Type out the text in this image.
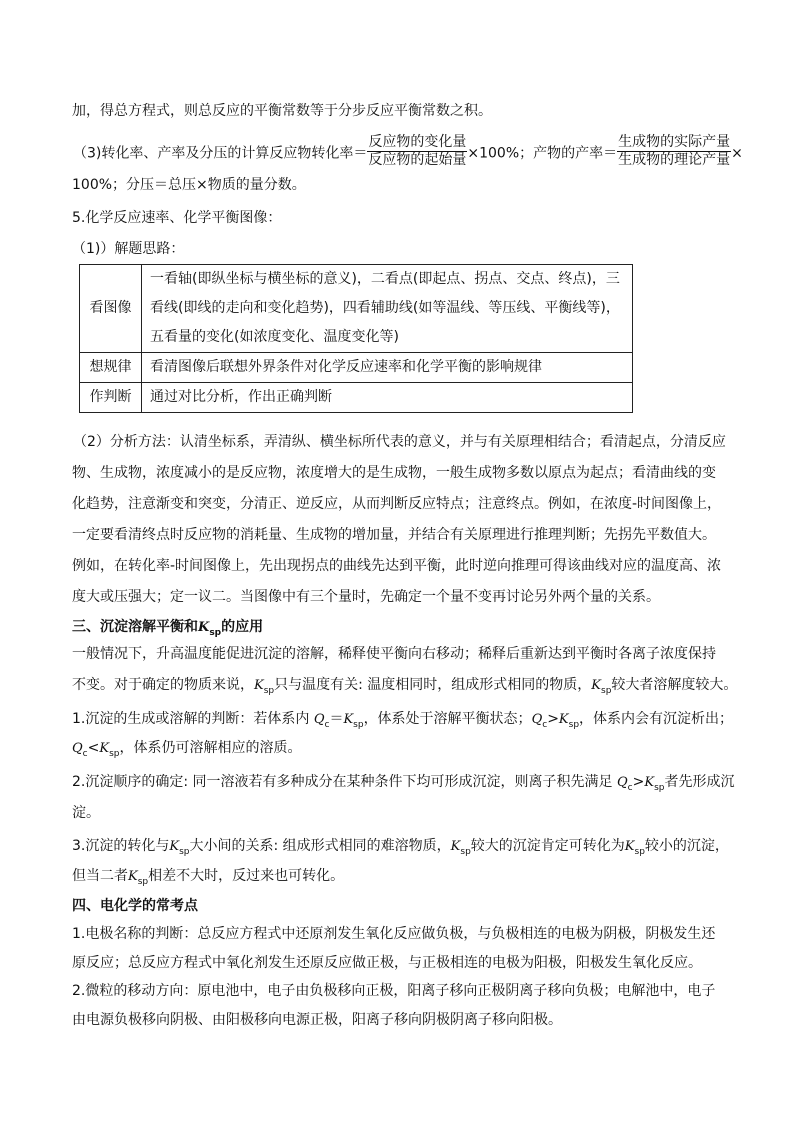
加，得总方程式，则总反应的平衡常数等于分步反应平衡常数之积。
（3)转化率、产率及分压的计算反应物转化率＝ $\frac{\text{反应物的变化量}}{\text{反应物的起始量}} \times 100\%$；产物的产率＝ $\frac{\text{生成物的实际产量}}{\text{生成物的理论产量}}$ ×
100%；分压＝总压×物质的量分数。
5.化学反应速率、化学平衡图像：
（1)）解题思路：
看图像	一看轴(即纵坐标与横坐标的意义)，二看点(即起点、拐点、交点、终点)，三
看线(即线的走向和变化趋势)，四看辅助线(如等温线、等压线、平衡线等)，
五看量的变化(如浓度变化、温度变化等)

想规律	看清图像后联想外界条件对化学反应速率和化学平衡的影响规律
作判断	通过对比分析，作出正确判断
（2）分析方法：认清坐标系，弄清纵、横坐标所代表的意义，并与有关原理相结合；看清起点，分清反应
物、生成物，浓度减小的是反应物，浓度增大的是生成物，一般生成物多数以原点为起点；看清曲线的变
化趋势，注意渐变和突变，分清正、逆反应，从而判断反应特点；注意终点。例如，在浓度-时间图像上，
一定要看清终点时反应物的消耗量、生成物的增加量，并结合有关原理进行推理判断；先拐先平数值大。
例如，在转化率-时间图像上，先出现拐点的曲线先达到平衡，此时逆向推理可得该曲线对应的温度高、浓
度大或压强大；定一议二。当图像中有三个量时，先确定一个量不变再讨论另外两个量的关系。
三、沉淀溶解平衡和$K_{sp}$的应用
一般情况下，升高温度能促进沉淀的溶解，稀释使平衡向右移动；稀释后重新达到平衡时各离子浓度保持
不变。对于确定的物质来说，$K_{sp}$只与温度有关: 温度相同时，组成形式相同的物质，$K_{sp}$较大者溶解度较大。
1.沉淀的生成或溶解的判断：若体系内 $Q_c=K_{sp}$，体系处于溶解平衡状态；$Q_c>K_{sp}$，体系内会有沉淀析出；
$Q_c<K_{sp}$，体系仍可溶解相应的溶质。
2.沉淀顺序的确定: 同一溶液若有多种成分在某种条件下均可形成沉淀，则离子积先满足 $Q_c>K_{sp}$者先形成沉
淀。
3.沉淀的转化与$K_{sp}$大小间的关系: 组成形式相同的难溶物质，$K_{sp}$较大的沉淀肯定可转化为$K_{sp}$较小的沉淀，
但当二者$K_{sp}$相差不大时，反过来也可转化。
四、电化学的常考点
1.电极名称的判断：总反应方程式中还原剂发生氧化反应做负极，与负极相连的电极为阴极，阴极发生还
原反应；总反应方程式中氧化剂发生还原反应做正极，与正极相连的电极为阳极，阳极发生氧化反应。
2.微粒的移动方向：原电池中，电子由负极移向正极，阳离子移向正极阴离子移向负极；电解池中，电子
由电源负极移向阴极、由阳极移向电源正极，阳离子移向阴极阴离子移向阳极。
